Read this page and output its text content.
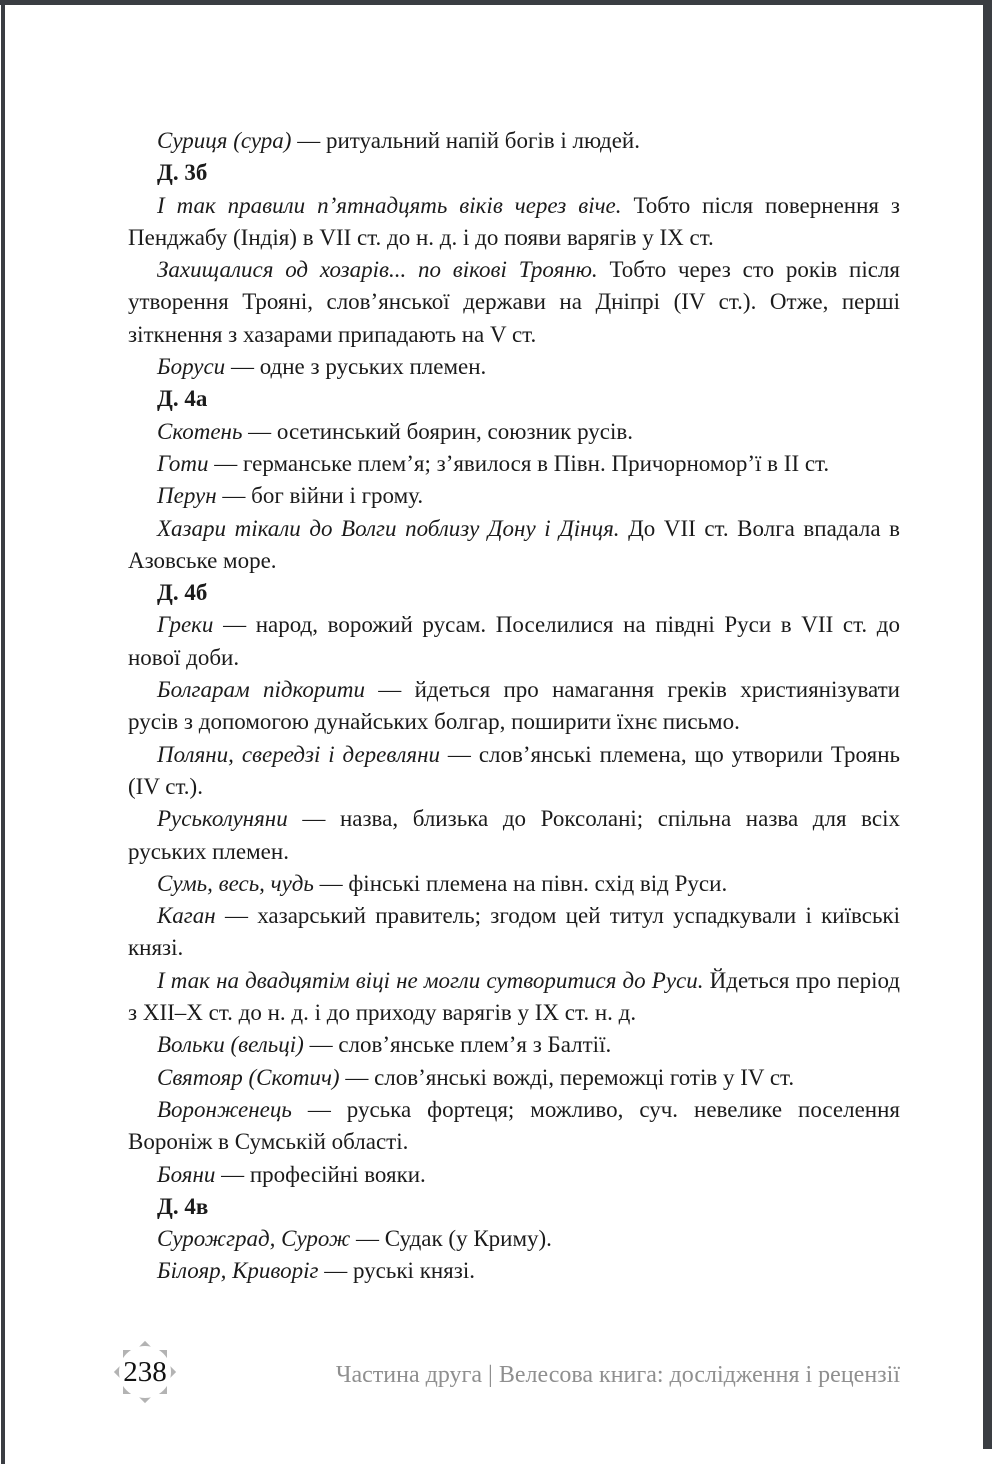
Суриця (сура) — ритуальний напій богів і людей.

Д. 3б

І так правили п’ятнадцять віків через віче. Тобто після повернення з Пенджабу (Індія) в VII ст. до н. д. і до появи варягів у IX ст.

Захищалися од хозарів... по вікові Трояню. Тобто через сто років після утворення Трояні, слов’янської держави на Дніпрі (IV ст.). Отже, перші зіткнення з хазарами припадають на V ст.

Боруси — одне з руських племен.

Д. 4а

Скотень — осетинський боярин, союзник русів.

Готи — германське плем’я; з’явилося в Півн. Причорномор’ї в II ст.

Перун — бог війни і грому.

Хазари тікали до Волги поблизу Дону і Дінця. До VII ст. Волга впадала в Азовське море.

Д. 4б

Греки — народ, ворожий русам. Поселилися на півдні Руси в VII ст. до нової доби.

Болгарам підкорити — йдеться про намагання греків християнізувати русів з допомогою дунайських болгар, поширити їхнє письмо.

Поляни, свередзі і деревляни — слов’янські племена, що утворили Троянь (IV ст.).

Руськолуняни — назва, близька до Роксолані; спільна назва для всіх руських племен.

Сумь, весь, чудь — фінські племена на півн. схід від Руси.

Каган — хазарський правитель; згодом цей титул успадкували і київські князі.

І так на двадцятім віці не могли сутворитися до Руси. Йдеться про період з XII–X ст. до н. д. і до приходу варягів у IX ст. н. д.

Вольки (вельці) — слов’янське плем’я з Балтії.

Святояр (Скотич) — слов’янські вожді, переможці готів у IV ст.

Воронженець — руська фортеця; можливо, суч. невелике поселення Вороніж в Сумській області.

Бояни — професійні вояки.

Д. 4в

Сурожград, Сурож — Судак (у Криму).

Білояр, Криворіг — руські князі.

238	Частина друга | Велесова книга: дослідження і рецензії
